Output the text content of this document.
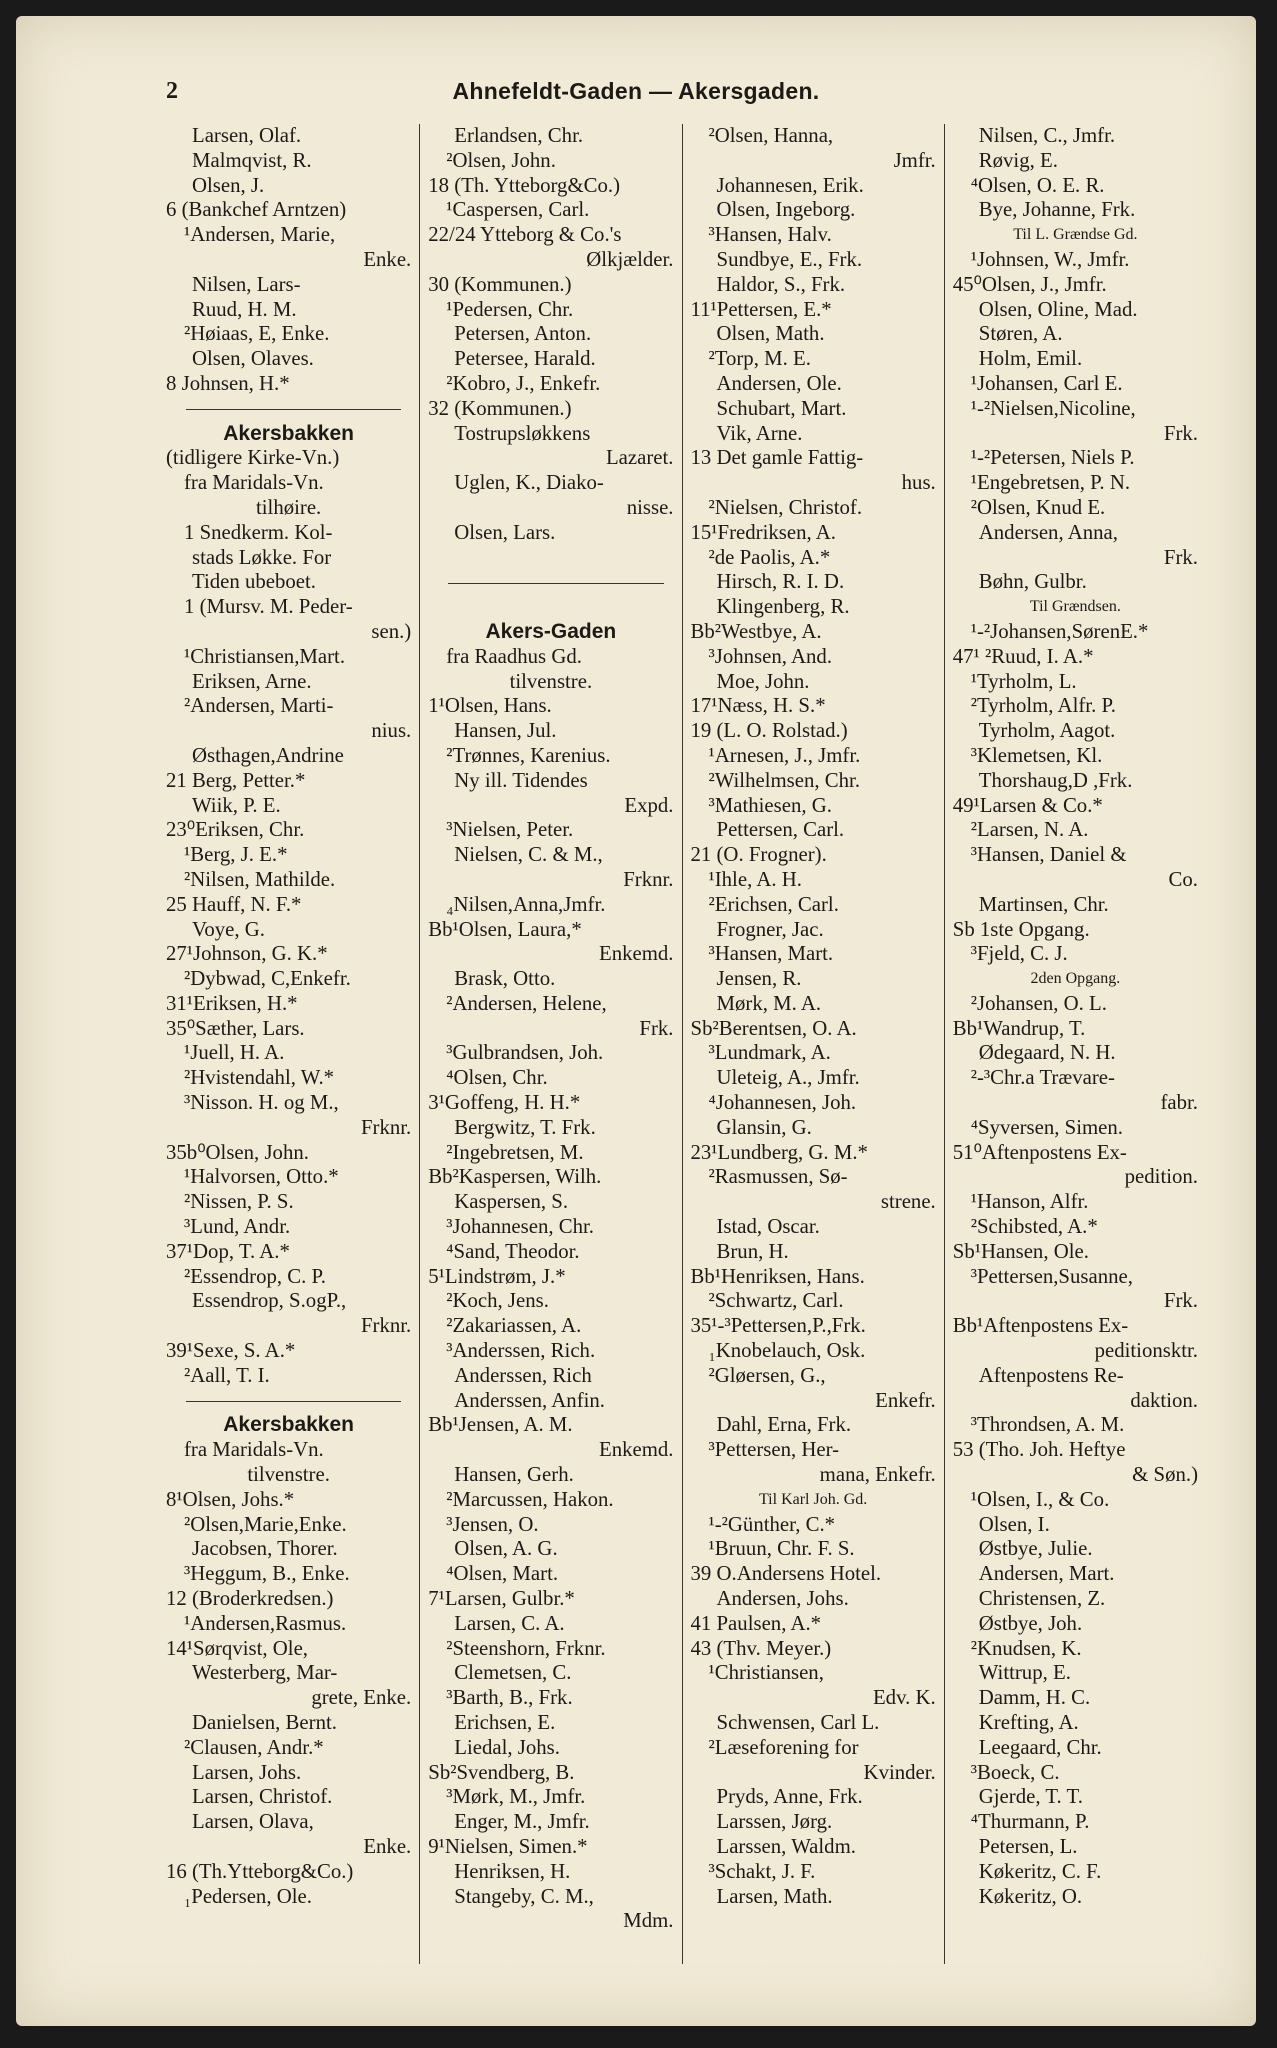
2	Ahnefeldt-Gaden — Akersgaden.
Larsen, Olaf.
Malmqvist, R.
Olsen, J.
6 (Bankchef Arntzen)
¹Andersen, Marie,
Enke.
Nilsen, Lars-
Ruud, H. M.
²Høiaas, E, Enke.
Olsen, Olaves.
8 Johnsen, H.*
Akersbakken
(tidligere Kirke-Vn.)
fra Maridals-Vn.
tilhøire.
1 Snedkerm. Kol-
stads Løkke. For
Tiden ubeboet.
1 (Mursv. M. Peder-
sen.)
¹Christiansen,Mart.
Eriksen, Arne.
²Andersen, Marti-
nius.
Østhagen,Andrine
21 Berg, Petter.*
Wiik, P. E.
23⁰Eriksen, Chr.
¹Berg, J. E.*
²Nilsen, Mathilde.
25 Hauff, N. F.*
Voye, G.
27¹Johnson, G. K.*
²Dybwad, C,Enkefr.
31¹Eriksen, H.*
35⁰Sæther, Lars.
¹Juell, H. A.
²Hvistendahl, W.*
³Nisson. H. og M.,
Frknr.
35b⁰Olsen, John.
¹Halvorsen, Otto.*
²Nissen, P. S.
³Lund, Andr.
37¹Dop, T. A.*
²Essendrop, C. P.
Essendrop, S.ogP.,
Frknr.
39¹Sexe, S. A.*
²Aall, T. I.
Akersbakken
fra Maridals-Vn.
tilvenstre.
8¹Olsen, Johs.*
²Olsen,Marie,Enke.
Jacobsen, Thorer.
³Heggum, B., Enke.
12 (Broderkredsen.)
¹Andersen,Rasmus.
14¹Sørqvist, Ole,
Westerberg, Mar-
grete, Enke.
Danielsen, Bernt.
²Clausen, Andr.*
Larsen, Johs.
Larsen, Christof.
Larsen, Olava,
Enke.
16 (Th.Ytteborg&Co.)
₁Pedersen, Ole.
Erlandsen, Chr.
²Olsen, John.
18 (Th. Ytteborg&Co.)
¹Caspersen, Carl.
22/24 Ytteborg & Co.'s
Ølkjælder.
30 (Kommunen.)
¹Pedersen, Chr.
Petersen, Anton.
Petersee, Harald.
²Kobro, J., Enkefr.
32 (Kommunen.)
Tostrupsløkkens
Lazaret.
Uglen, K., Diako-
nisse.
Olsen, Lars.
Akers-Gaden
fra Raadhus Gd.
tilvenstre.
1¹Olsen, Hans.
Hansen, Jul.
²Trønnes, Karenius.
Ny ill. Tidendes
Expd.
³Nielsen, Peter.
Nielsen, C. & M.,
Frknr.
₄Nilsen,Anna,Jmfr.
Bb¹Olsen, Laura,*
Enkemd.
Brask, Otto.
²Andersen, Helene,
Frk.
³Gulbrandsen, Joh.
⁴Olsen, Chr.
3¹Goffeng, H. H.*
Bergwitz, T. Frk.
²Ingebretsen, M.
Bb²Kaspersen, Wilh.
Kaspersen, S.
³Johannesen, Chr.
⁴Sand, Theodor.
5¹Lindstrøm, J.*
²Koch, Jens.
²Zakariassen, A.
³Anderssen, Rich.
Anderssen, Rich
Anderssen, Anfin.
Bb¹Jensen, A. M.
Enkemd.
Hansen, Gerh.
²Marcussen, Hakon.
³Jensen, O.
Olsen, A. G.
⁴Olsen, Mart.
7¹Larsen, Gulbr.*
Larsen, C. A.
²Steenshorn, Frknr.
Clemetsen, C.
³Barth, B., Frk.
Erichsen, E.
Liedal, Johs.
Sb²Svendberg, B.
³Mørk, M., Jmfr.
Enger, M., Jmfr.
9¹Nielsen, Simen.*
Henriksen, H.
Stangeby, C. M.,
Mdm.
²Olsen, Hanna,
Jmfr.
Johannesen, Erik.
Olsen, Ingeborg.
³Hansen, Halv.
Sundbye, E., Frk.
Haldor, S., Frk.
11¹Pettersen, E.*
Olsen, Math.
²Torp, M. E.
Andersen, Ole.
Schubart, Mart.
Vik, Arne.
13 Det gamle Fattig-
hus.
²Nielsen, Christof.
15¹Fredriksen, A.
²de Paolis, A.*
Hirsch, R. I. D.
Klingenberg, R.
Bb²Westbye, A.
³Johnsen, And.
Moe, John.
17¹Næss, H. S.*
19 (L. O. Rolstad.)
¹Arnesen, J., Jmfr.
²Wilhelmsen, Chr.
³Mathiesen, G.
Pettersen, Carl.
21 (O. Frogner).
¹Ihle, A. H.
²Erichsen, Carl.
Frogner, Jac.
³Hansen, Mart.
Jensen, R.
Mørk, M. A.
Sb²Berentsen, O. A.
³Lundmark, A.
Uleteig, A., Jmfr.
⁴Johannesen, Joh.
Glansin, G.
23¹Lundberg, G. M.*
²Rasmussen, Sø-
strene.
Istad, Oscar.
Brun, H.
Bb¹Henriksen, Hans.
²Schwartz, Carl.
35¹-³Pettersen,P.,Frk.
₁Knobelauch, Osk.
²Gløersen, G.,
Enkefr.
Dahl, Erna, Frk.
³Pettersen, Her-
mana, Enkefr.
Til Karl Joh. Gd.
¹-²Günther, C.*
¹Bruun, Chr. F. S.
39 O.Andersens Hotel.
Andersen, Johs.
41 Paulsen, A.*
43 (Thv. Meyer.)
¹Christiansen,
Edv. K.
Schwensen, Carl L.
²Læseforening for
Kvinder.
Pryds, Anne, Frk.
Larssen, Jørg.
Larssen, Waldm.
³Schakt, J. F.
Larsen, Math.
Nilsen, C., Jmfr.
Røvig, E.
⁴Olsen, O. E. R.
Bye, Johanne, Frk.
Til L. Grændse Gd.
¹Johnsen, W., Jmfr.
45⁰Olsen, J., Jmfr.
Olsen, Oline, Mad.
Støren, A.
Holm, Emil.
¹Johansen, Carl E.
¹-²Nielsen,Nicoline,
Frk.
¹-²Petersen, Niels P.
¹Engebretsen, P. N.
²Olsen, Knud E.
Andersen, Anna,
Frk.
Bøhn, Gulbr.
Til Grændsen.
¹-²Johansen,SørenE.*
47¹ ²Ruud, I. A.*
¹Tyrholm, L.
²Tyrholm, Alfr. P.
Tyrholm, Aagot.
³Klemetsen, Kl.
Thorshaug,D ,Frk.
49¹Larsen & Co.*
²Larsen, N. A.
³Hansen, Daniel &
Co.
Martinsen, Chr.
Sb 1ste Opgang.
³Fjeld, C. J.
2den Opgang.
²Johansen, O. L.
Bb¹Wandrup, T.
Ødegaard, N. H.
²-³Chr.a Trævare-
fabr.
⁴Syversen, Simen.
51⁰Aftenpostens Ex-
pedition.
¹Hanson, Alfr.
²Schibsted, A.*
Sb¹Hansen, Ole.
³Pettersen,Susanne,
Frk.
Bb¹Aftenpostens Ex-
peditionsktr.
Aftenpostens Re-
daktion.
³Throndsen, A. M.
53 (Tho. Joh. Heftye
& Søn.)
¹Olsen, I., & Co.
Olsen, I.
Østbye, Julie.
Andersen, Mart.
Christensen, Z.
Østbye, Joh.
²Knudsen, K.
Wittrup, E.
Damm, H. C.
Krefting, A.
Leegaard, Chr.
³Boeck, C.
Gjerde, T. T.
⁴Thurmann, P.
Petersen, L.
Køkeritz, C. F.
Køkeritz, O.
